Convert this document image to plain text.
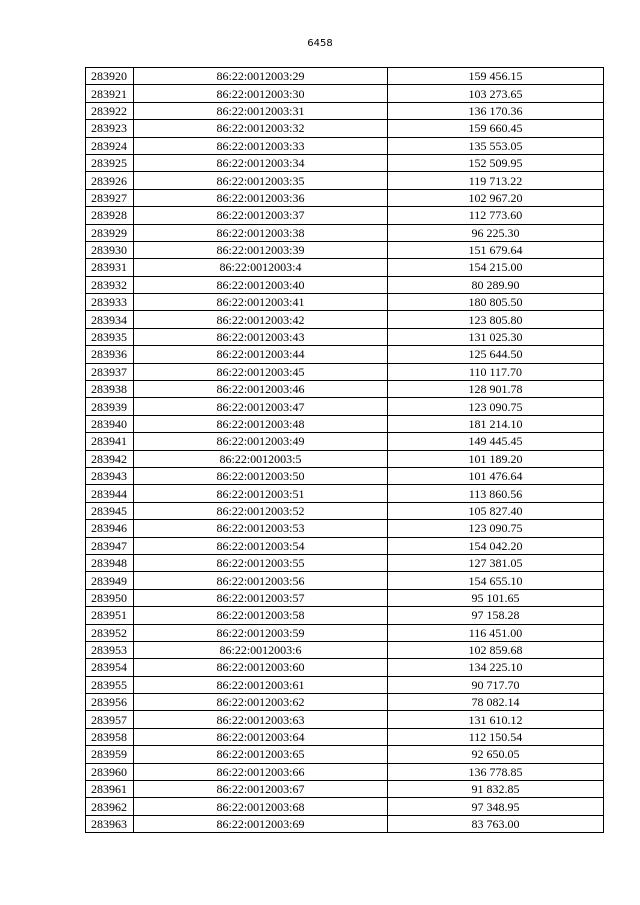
6458
283920	86:22:0012003:29	159 456.15
283921	86:22:0012003:30	103 273.65
283922	86:22:0012003:31	136 170.36
283923	86:22:0012003:32	159 660.45
283924	86:22:0012003:33	135 553.05
283925	86:22:0012003:34	152 509.95
283926	86:22:0012003:35	119 713.22
283927	86:22:0012003:36	102 967.20
283928	86:22:0012003:37	112 773.60
283929	86:22:0012003:38	96 225.30
283930	86:22:0012003:39	151 679.64
283931	86:22:0012003:4	154 215.00
283932	86:22:0012003:40	80 289.90
283933	86:22:0012003:41	180 805.50
283934	86:22:0012003:42	123 805.80
283935	86:22:0012003:43	131 025.30
283936	86:22:0012003:44	125 644.50
283937	86:22:0012003:45	110 117.70
283938	86:22:0012003:46	128 901.78
283939	86:22:0012003:47	123 090.75
283940	86:22:0012003:48	181 214.10
283941	86:22:0012003:49	149 445.45
283942	86:22:0012003:5	101 189.20
283943	86:22:0012003:50	101 476.64
283944	86:22:0012003:51	113 860.56
283945	86:22:0012003:52	105 827.40
283946	86:22:0012003:53	123 090.75
283947	86:22:0012003:54	154 042.20
283948	86:22:0012003:55	127 381.05
283949	86:22:0012003:56	154 655.10
283950	86:22:0012003:57	95 101.65
283951	86:22:0012003:58	97 158.28
283952	86:22:0012003:59	116 451.00
283953	86:22:0012003:6	102 859.68
283954	86:22:0012003:60	134 225.10
283955	86:22:0012003:61	90 717.70
283956	86:22:0012003:62	78 082.14
283957	86:22:0012003:63	131 610.12
283958	86:22:0012003:64	112 150.54
283959	86:22:0012003:65	92 650.05
283960	86:22:0012003:66	136 778.85
283961	86:22:0012003:67	91 832.85
283962	86:22:0012003:68	97 348.95
283963	86:22:0012003:69	83 763.00
